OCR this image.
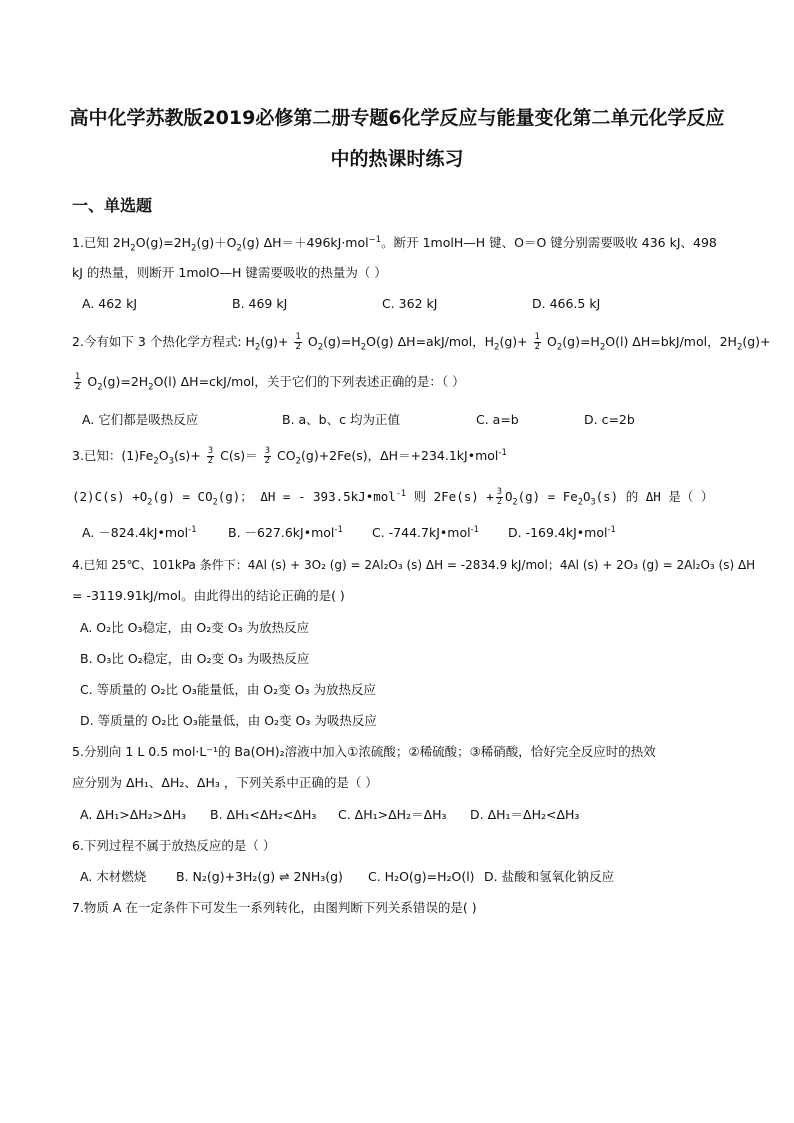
高中化学苏教版2019必修第二册专题6化学反应与能量变化第二单元化学反应
中的热课时练习
一、单选题
1.已知 $2H_2O(g)=2H_2(g)+O_2(g)$ ΔH＝＋496kJ·mol$^{-1}$。断开 1molH—H 键、O＝O 键分别需要吸收 436 kJ、498
kJ 的热量，则断开 1molO—H 键需要吸收的热量为（ ）
A. 462 kJ	B. 469 kJ	C. 362 kJ	D. 466.5 kJ
2.今有如下 3 个热化学方程式: $H_2(g)+ \frac{1}{2} O_2(g)=H_2O(g)$ ΔH=akJ/mol，$H_2(g)+ \frac{1}{2} O_2(g)=H_2O(l)$ ΔH=bkJ/mol，$2H_2(g)+$
$\frac{1}{2} O_2(g)=2H_2O(l)$ ΔH=ckJ/mol，关于它们的下列表述正确的是：（ ）
A. 它们都是吸热反应	B. a、b、c 均为正值	C. a=b	D. c=2b
3.已知：$(1)Fe_2O_3(s)+ \frac{3}{2} C(s)= \frac{3}{2} CO_2(g)+2Fe(s)$，ΔH＝+234.1kJ•mol$^{-1}$
$(2)C(s) +O_2(g) = CO_2(g)$； ΔH = - 393.5kJ•mol$^{-1}$ 则 $2Fe(s) + \frac{3}{2} O_2(g) = Fe_2O_3(s)$ 的 ΔH 是（ ）
A. －824.4kJ•mol$^{-1}$	B. －627.6kJ•mol$^{-1}$ C. -744.7kJ•mol$^{-1}$ D. -169.4kJ•mol$^{-1}$
4.已知 25℃、101kPa 条件下：4Al (s) + 3O₂ (g) = 2Al₂O₃ (s) ΔH = -2834.9 kJ/mol；4Al (s) + 2O₃ (g) = 2Al₂O₃ (s) ΔH
= -3119.91kJ/mol。由此得出的结论正确的是( )
A. O₂比 O₃稳定，由 O₂变 O₃ 为放热反应
B. O₃比 O₂稳定，由 O₂变 O₃ 为吸热反应
C. 等质量的 O₂比 O₃能量低，由 O₂变 O₃ 为放热反应
D. 等质量的 O₂比 O₃能量低，由 O₂变 O₃ 为吸热反应
5.分别向 1 L 0.5 mol·L⁻¹的 Ba(OH)₂溶液中加入①浓硫酸；②稀硫酸；③稀硝酸，恰好完全反应时的热效
应分别为 ΔH₁、ΔH₂、ΔH₃ ，下列关系中正确的是（ ）
A. ΔH₁>ΔH₂>ΔH₃ B. ΔH₁<ΔH₂<ΔH₃ C. ΔH₁>ΔH₂＝ΔH₃ D. ΔH₁＝ΔH₂<ΔH₃
6.下列过程不属于放热反应的是（ ）
A. 木材燃烧 B. N₂(g)+3H₂(g) ⇌ 2NH₃(g) C. H₂O(g)=H₂O(l) D. 盐酸和氢氧化钠反应
7.物质 A 在一定条件下可发生一系列转化，由图判断下列关系错误的是( )
